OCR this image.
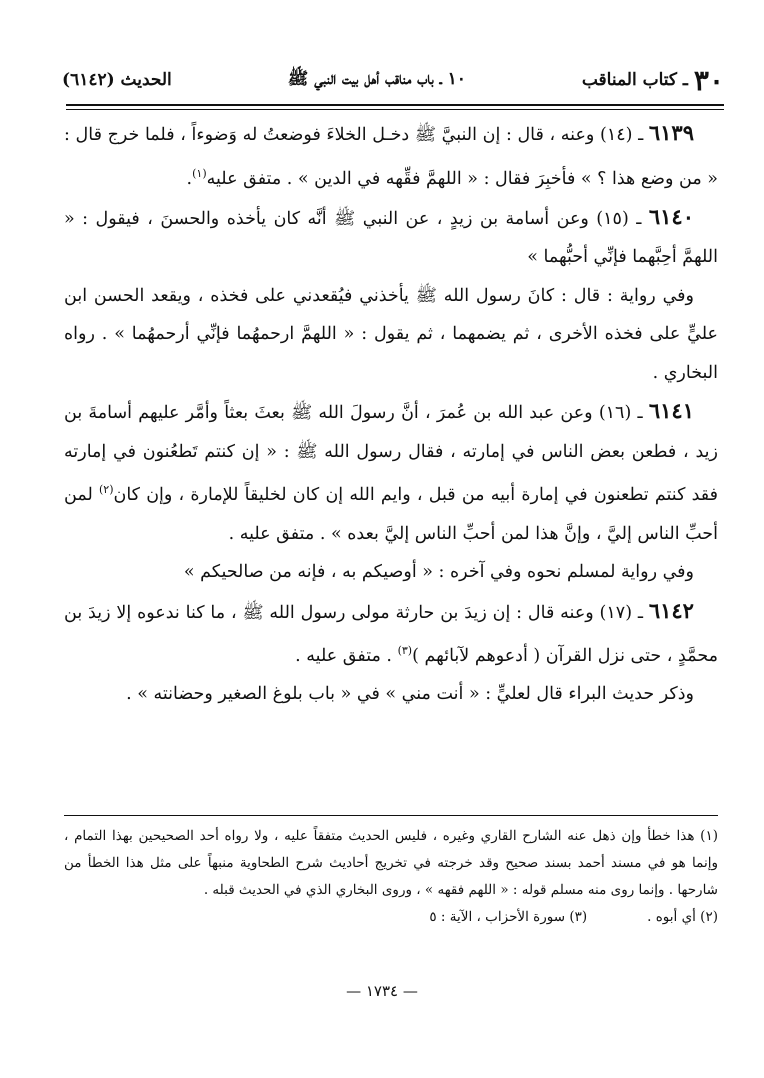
٣٠
ـ كتاب المناقب
١٠ ـ باب مناقب أهل بيت النبي ﷺ
الحديث (٦١٤٢)

٦١٣٩ ـ (١٤) وعنه ، قال : إن النبيَّ ﷺ دخـل الخلاءَ فوضعتُ له وَضوءاً ، فلما خرج قال : « من وضع هذا ؟ » فأخبِرَ فقال : « اللهمَّ فقِّهه في الدين » . متفق عليه$^{(١)}$.

٦١٤٠ ـ (١٥) وعن أسامة بن زيدٍ ، عن النبي ﷺ أنَّه كان يأخذه والحسنَ ، فيقول : « اللهمَّ أحِبَّهما فإنِّي أحبُّهما »

وفي رواية : قال : كانَ رسول الله ﷺ يأخذني فيُقعدني على فخذه ، ويقعد الحسن ابن عليٍّ على فخذه الأخرى ، ثم يضمهما ، ثم يقول : « اللهمَّ ارحمهُما فإنِّي أرحمهُما » . رواه البخاري .

٦١٤١ ـ (١٦) وعن عبد الله بن عُمرَ ، أنَّ رسولَ الله ﷺ بعثَ بعثاً وأمَّر عليهم أسامةَ بن زيد ، فطعن بعض الناس في إمارته ، فقال رسول الله ﷺ : « إن كنتم تَطعُنون في إمارته فقد كنتم تطعنون في إمارة أبيه من قبل ، وايم الله إن كان لخليقاً للإمارة ، وإن كان$^{(٢)}$ لمن أحبِّ الناس إليَّ ، وإنَّ هذا لمن أحبِّ الناس إليَّ بعده » . متفق عليه .

وفي رواية لمسلم نحوه وفي آخره : « أوصيكم به ، فإنه من صالحيكم »

٦١٤٢ ـ (١٧) وعنه قال : إن زيدَ بن حارثة مولى رسول الله ﷺ ، ما كنا ندعوه إلا زيدَ بن محمَّدٍ ، حتى نزل القرآن ( أدعوهم لآبائهم )$^{(٣)}$ . متفق عليه .

وذكر حديث البراء قال لعليٍّ : « أنت مني » في « باب بلوغ الصغير وحضانته » .

(١) هذا خطأ وإن ذهل عنه الشارح القاري وغيره ، فليس الحديث متفقاً عليه ، ولا رواه أحد الصحيحين بهذا التمام ، وإنما هو في مسند أحمد بسند صحيح وقد خرجته في تخريج أحاديث شرح الطحاوية منبهاً على مثل هذا الخطأ من شارحها . وإنما روى منه مسلم قوله : « اللهم فقهه » ، وروى البخاري الذي في الحديث قبله .

(٢) أي أبوه .
(٣) سورة الأحزاب ، الآية : ٥
— ١٧٣٤ —
